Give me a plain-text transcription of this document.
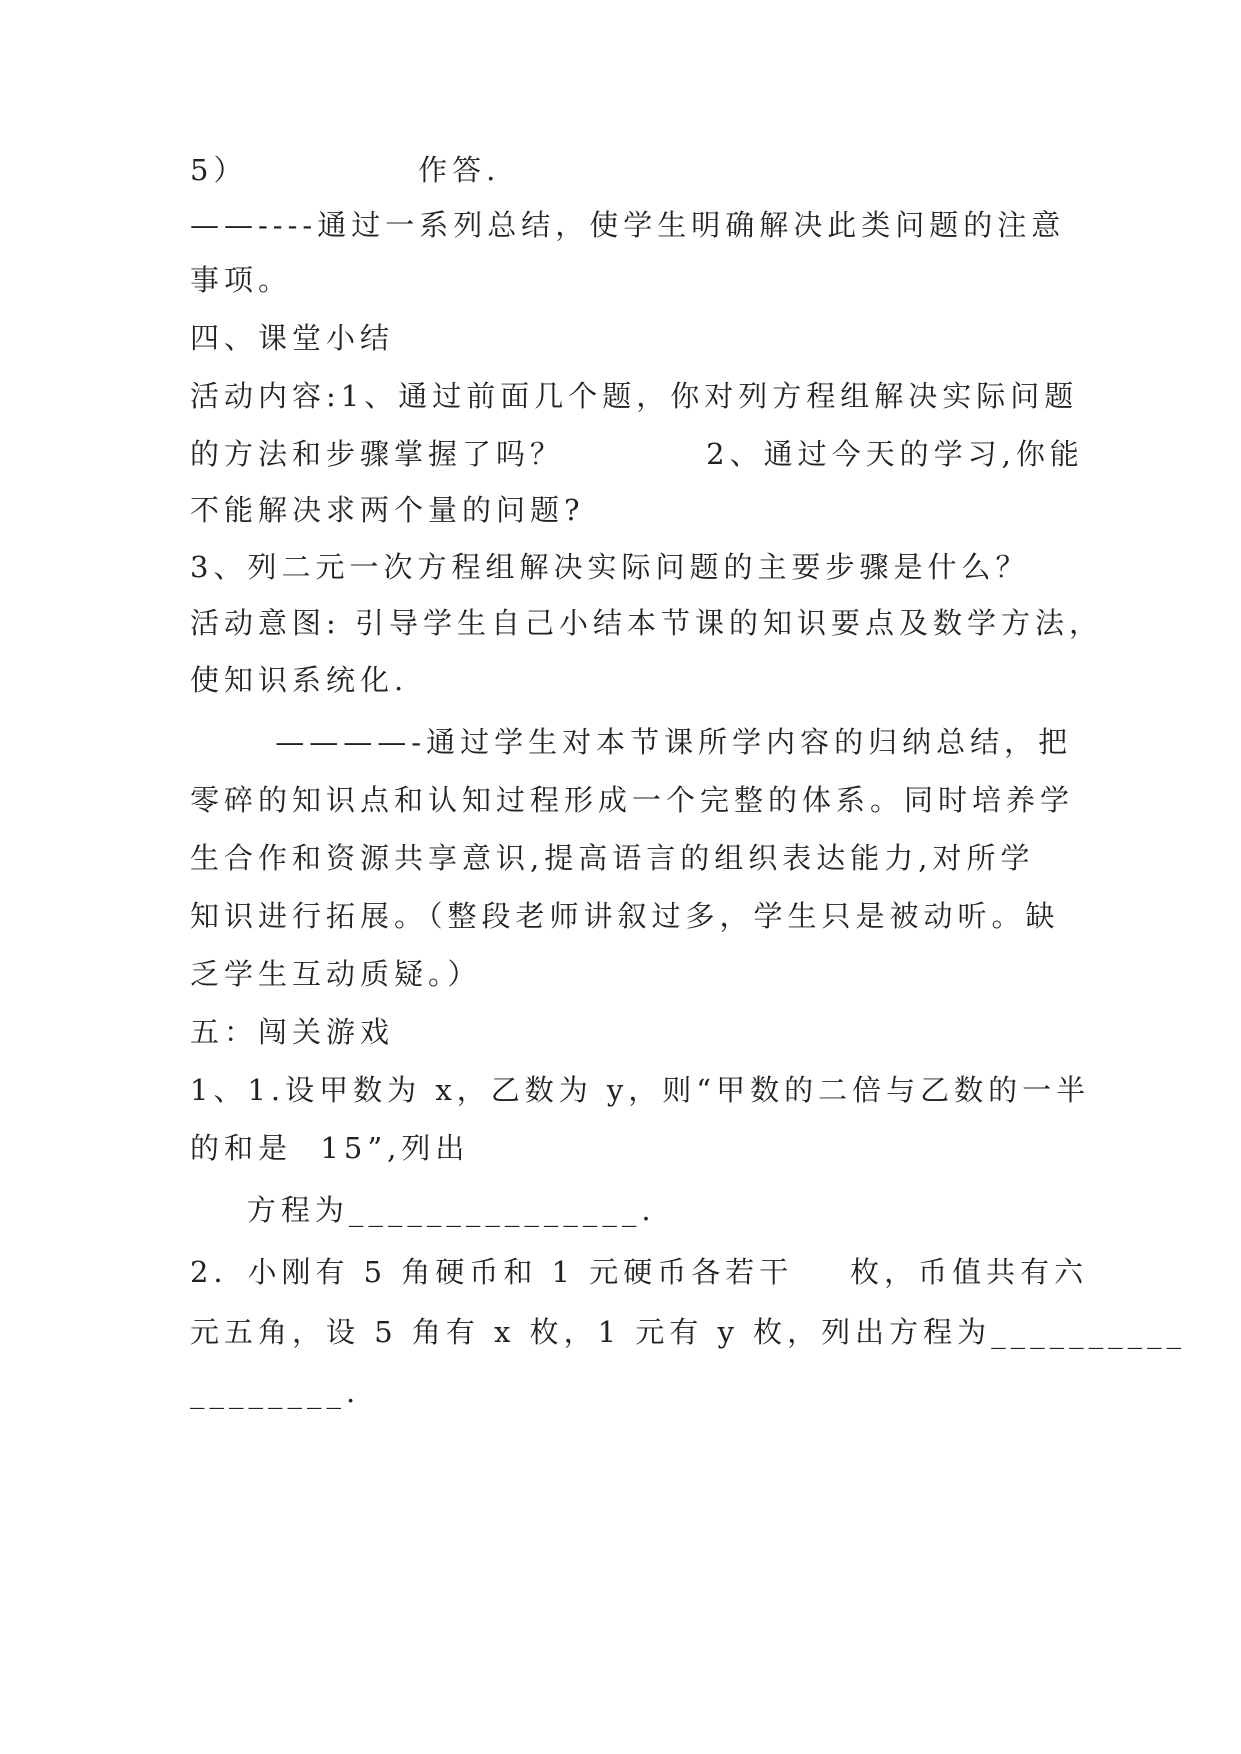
5）            作答.
——----通过一系列总结，使学生明确解决此类问题的注意
事项。
四、课堂小结
活动内容:1、通过前面几个题，你对列方程组解决实际问题
的方法和步骤掌握了吗？          2、通过今天的学习,你能
不能解决求两个量的问题?
3、列二元一次方程组解决实际问题的主要步骤是什么？
活动意图: 引导学生自己小结本节课的知识要点及数学方法，
使知识系统化.
————-通过学生对本节课所学内容的归纳总结，把
零碎的知识点和认知过程形成一个完整的体系。同时培养学
生合作和资源共享意识,提高语言的组织表达能力,对所学
知识进行拓展。（整段老师讲叙过多，学生只是被动听。缺
乏学生互动质疑。）
五：闯关游戏
1、1.设甲数为 x，乙数为 y，则“甲数的二倍与乙数的一半
的和是  15”,列出
方程为_______________.
2．小刚有 5 角硬币和 1 元硬币各若干    枚，币值共有六
元五角，设 5 角有 x 枚，1 元有 y 枚，列出方程为__________
________.
